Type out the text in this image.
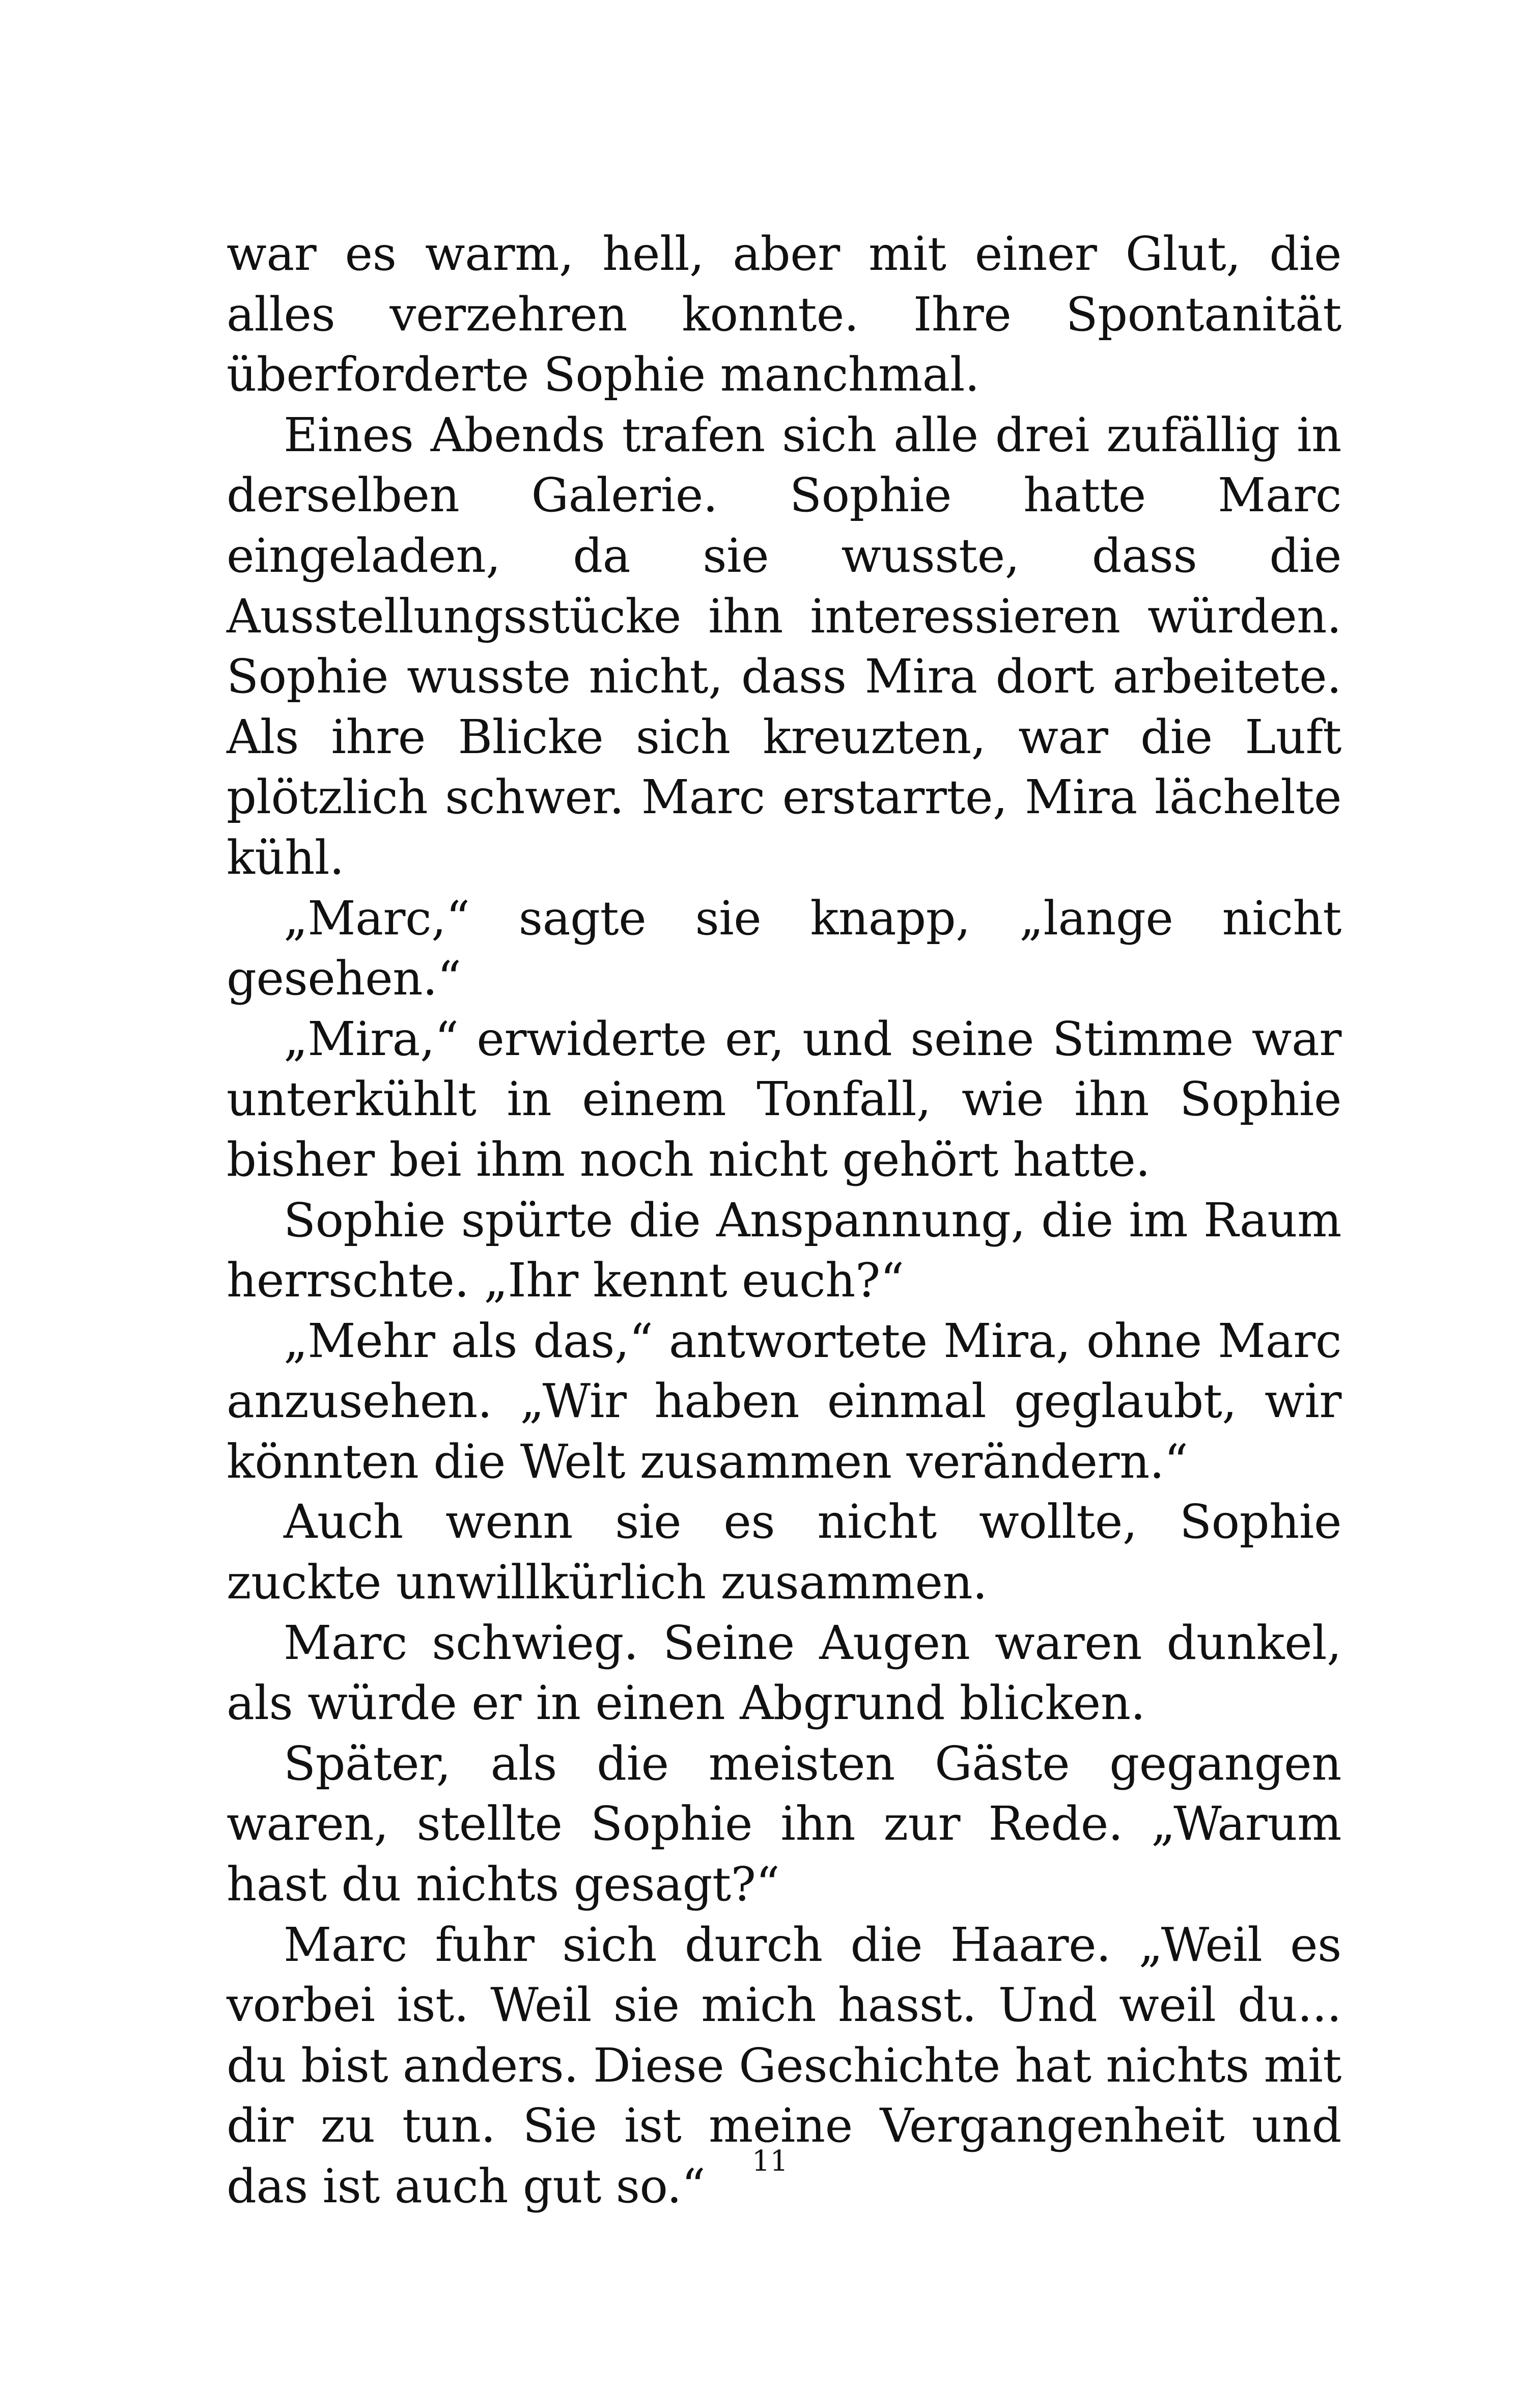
war es warm, hell, aber mit einer Glut, die alles verzehren konnte. Ihre Spontanität überforderte Sophie manchmal.

Eines Abends trafen sich alle drei zufällig in derselben Galerie. Sophie hatte Marc eingeladen, da sie wusste, dass die Ausstellungsstücke ihn interessieren würden. Sophie wusste nicht, dass Mira dort arbeitete. Als ihre Blicke sich kreuzten, war die Luft plötzlich schwer. Marc erstarrte, Mira lächelte kühl.

„Marc,“ sagte sie knapp, „lange nicht gesehen.“

„Mira,“ erwiderte er, und seine Stimme war unterkühlt in einem Tonfall, wie ihn Sophie bisher bei ihm noch nicht gehört hatte.

Sophie spürte die Anspannung, die im Raum herrschte. „Ihr kennt euch?“

„Mehr als das,“ antwortete Mira, ohne Marc anzusehen. „Wir haben einmal geglaubt, wir könnten die Welt zusammen verändern.“

Auch wenn sie es nicht wollte, Sophie zuckte unwillkürlich zusammen.

Marc schwieg. Seine Augen waren dunkel, als würde er in einen Abgrund blicken.

Später, als die meisten Gäste gegangen waren, stellte Sophie ihn zur Rede. „Warum hast du nichts gesagt?“

Marc fuhr sich durch die Haare. „Weil es vorbei ist. Weil sie mich hasst. Und weil du... du bist anders. Diese Geschichte hat nichts mit dir zu tun. Sie ist meine Vergangenheit und das ist auch gut so.“	11
